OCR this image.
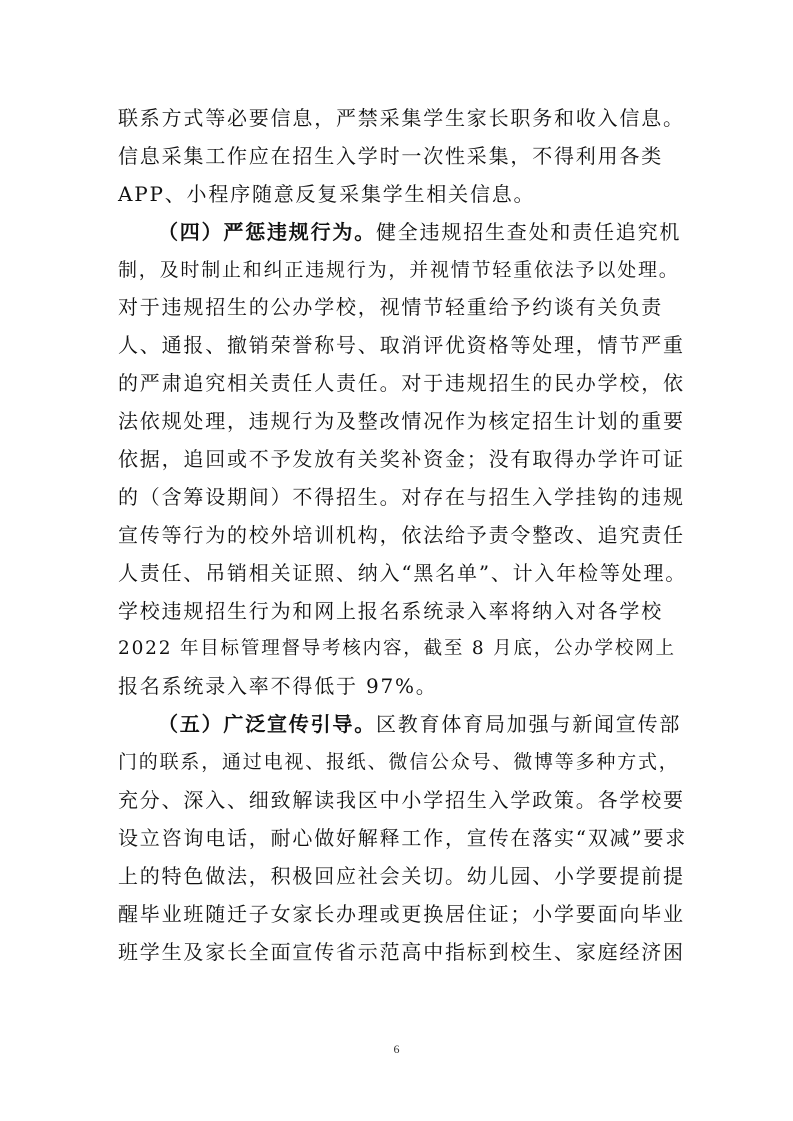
联系方式等必要信息，严禁采集学生家长职务和收入信息。
信息采集工作应在招生入学时一次性采集，不得利用各类
APP、小程序随意反复采集学生相关信息。
（四）严惩违规行为。健全违规招生查处和责任追究机
制，及时制止和纠正违规行为，并视情节轻重依法予以处理。
对于违规招生的公办学校，视情节轻重给予约谈有关负责
人、通报、撤销荣誉称号、取消评优资格等处理，情节严重
的严肃追究相关责任人责任。对于违规招生的民办学校，依
法依规处理，违规行为及整改情况作为核定招生计划的重要
依据，追回或不予发放有关奖补资金；没有取得办学许可证
的（含筹设期间）不得招生。对存在与招生入学挂钩的违规
宣传等行为的校外培训机构，依法给予责令整改、追究责任
人责任、吊销相关证照、纳入“黑名单”、计入年检等处理。
学校违规招生行为和网上报名系统录入率将纳入对各学校
2022 年目标管理督导考核内容，截至 8 月底，公办学校网上
报名系统录入率不得低于 97%。
（五）广泛宣传引导。区教育体育局加强与新闻宣传部
门的联系，通过电视、报纸、微信公众号、微博等多种方式，
充分、深入、细致解读我区中小学招生入学政策。各学校要
设立咨询电话，耐心做好解释工作，宣传在落实“双减”要求
上的特色做法，积极回应社会关切。幼儿园、小学要提前提
醒毕业班随迁子女家长办理或更换居住证；小学要面向毕业
班学生及家长全面宣传省示范高中指标到校生、家庭经济困
6
